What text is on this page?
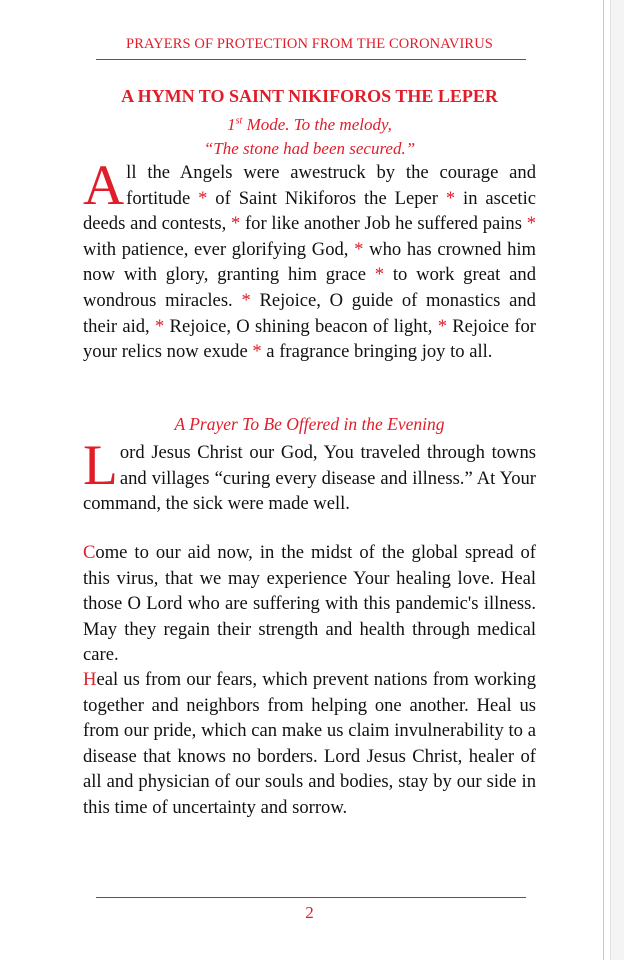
PRAYERS OF PROTECTION FROM THE CORONAVIRUS
A HYMN TO SAINT NIKIFOROS THE LEPER
1st Mode. To the melody,
“The stone had been secured.”

All the Angels were awestruck by the courage and fortitude * of Saint Nikiforos the Leper * in ascetic deeds and contests, * for like another Job he suffered pains * with patience, ever glorifying God, * who has crowned him now with glory, granting him grace * to work great and wondrous miracles. * Rejoice, O guide of monastics and their aid, * Rejoice, O shining beacon of light, * Rejoice for your relics now exude * a fragrance bringing joy to all.

A Prayer To Be Offered in the Evening

Lord Jesus Christ our God, You traveled through towns and villages “curing every disease and illness.” At Your command, the sick were made well.

Come to our aid now, in the midst of the global spread of this virus, that we may experience Your healing love. Heal those O Lord who are suffering with this pandemic's illness. May they regain their strength and health through medical care.

Heal us from our fears, which prevent nations from working together and neighbors from helping one another. Heal us from our pride, which can make us claim invulnerability to a disease that knows no borders. Lord Jesus Christ, healer of all and physician of our souls and bodies, stay by our side in this time of uncertainty and sorrow.

2
